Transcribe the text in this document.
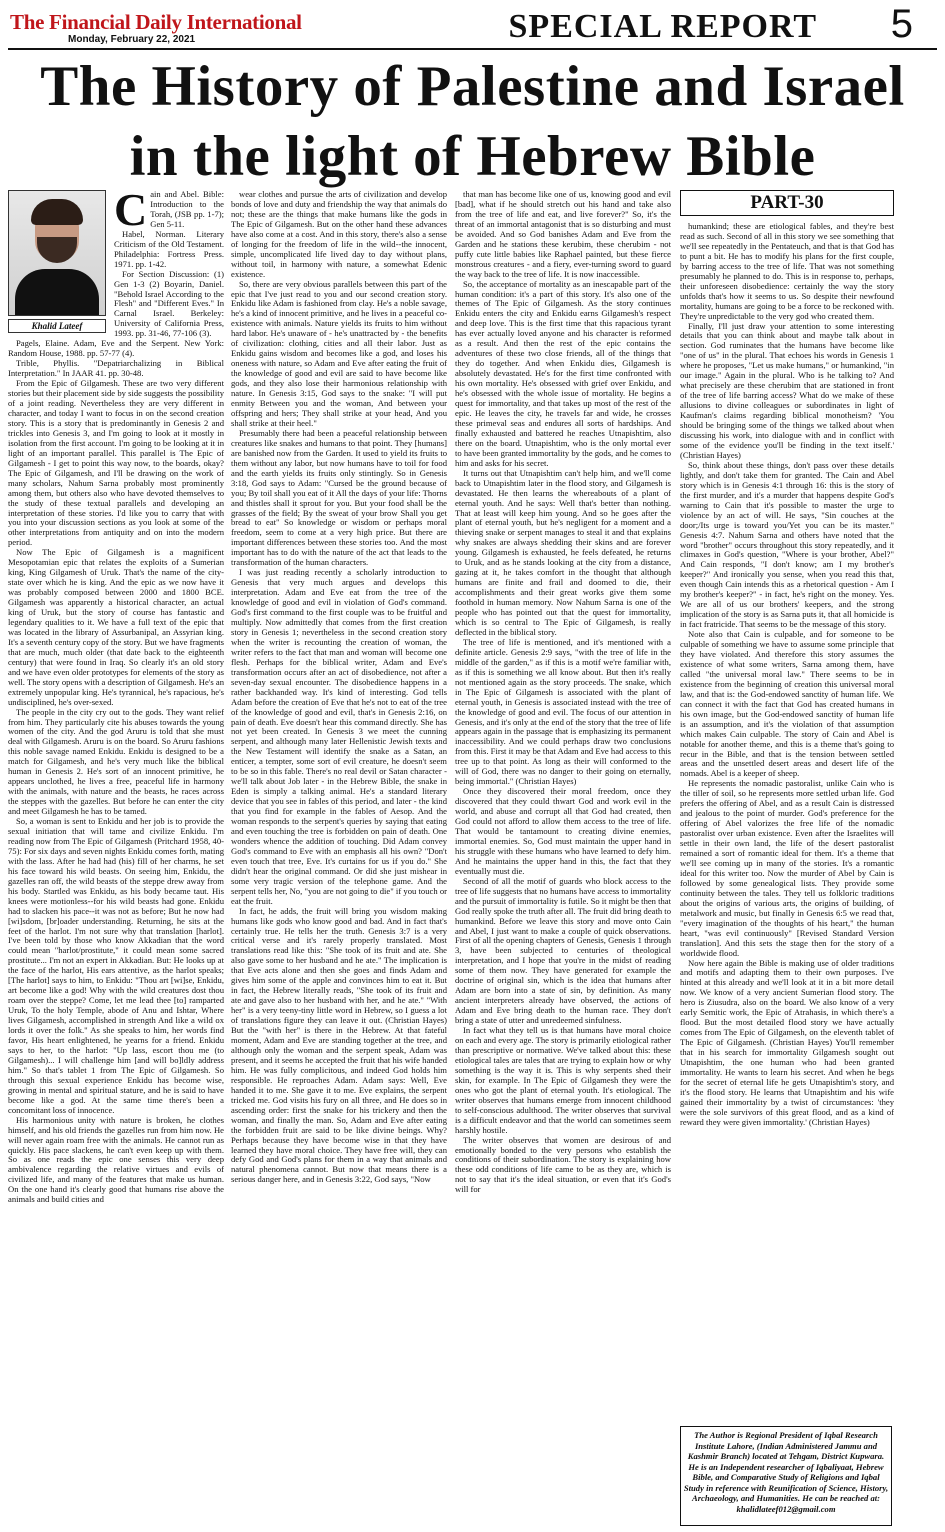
The Financial Daily International
Monday, February 22, 2021	SPECIAL REPORT 5
The History of Palestine and Israel
in the light of Hebrew Bible
Khalid Lateef
C ain and Abel. Bible: Introduction to the Torah, (JSB pp. 1-7); Gen 5-11.

Habel, Norman. Literary Criticism of the Old Testament. Philadelphia: Fortress Press. 1971. pp. 1-42.

For Section Discussion: (1) Gen 1-3 (2) Boyarin, Daniel. "Behold Israel According to the Flesh" and "Different Eves." In Carnal Israel. Berkeley: University of California Press, 1993. pp. 31-46, 77-106 (3).

Pagels, Elaine. Adam, Eve and the Serpent. New York: Random House, 1988. pp. 57-77 (4).

Trible, Phyllis. "Depatriarchalizing in Biblical Interpretation." In JAAR 41. pp. 30-48.

From the Epic of Gilgamesh. These are two very different stories but their placement side by side suggests the possibility of a joint reading. Nevertheless they are very different in character, and today I want to focus in on the second creation story. This is a story that is predominantly in Genesis 2 and trickles into Genesis 3, and I'm going to look at it mostly in isolation from the first account. I'm going to be looking at it in light of an important parallel. This parallel is The Epic of Gilgamesh - I get to point this way now, to the boards, okay? The Epic of Gilgamesh, and I'll be drawing on the work of many scholars, Nahum Sarna probably most prominently among them, but others also who have devoted themselves to the study of these textual parallels and developing an interpretation of these stories. I'd like you to carry that with you into your discussion sections as you look at some of the other interpretations from antiquity and on into the modern period.

Now The Epic of Gilgamesh is a magnificent Mesopotamian epic that relates the exploits of a Sumerian king, King Gilgamesh of Uruk. That's the name of the city-state over which he is king. And the epic as we now have it was probably composed between 2000 and 1800 BCE. Gilgamesh was apparently a historical character, an actual king of Uruk, but the story of course has fantastic and legendary qualities to it. We have a full text of the epic that was located in the library of Assurbanipal, an Assyrian king. It's a seventh century copy of the story. But we have fragments that are much, much older (that date back to the eighteenth century) that were found in Iraq. So clearly it's an old story and we have even older prototypes for elements of the story as well. The story opens with a description of Gilgamesh. He's an extremely unpopular king. He's tyrannical, he's rapacious, he's undisciplined, he's over-sexed.

The people in the city cry out to the gods. They want relief from him. They particularly cite his abuses towards the young women of the city. And the god Aruru is told that she must deal with Gilgamesh. Aruru is on the board. So Aruru fashions this noble savage named Enkidu. Enkidu is designed to be a match for Gilgamesh, and he's very much like the biblical human in Genesis 2. He's sort of an innocent primitive, he appears unclothed, he lives a free, peaceful life in harmony with the animals, with nature and the beasts, he races across the steppes with the gazelles. But before he can enter the city and meet Gilgamesh he has to be tamed.

So, a woman is sent to Enkidu and her job is to provide the sexual initiation that will tame and civilize Enkidu. I'm reading now from The Epic of Gilgamesh (Pritchard 1958, 40-75): For six days and seven nights Enkidu comes forth, mating with the lass. After he had had (his) fill of her charms, he set his face toward his wild beasts. On seeing him, Enkidu, the gazelles ran off, the wild beasts of the steppe drew away from his body. Startled was Enkidu, as his body became taut. His knees were motionless--for his wild beasts had gone. Enkidu had to slacken his pace--it was not as before; But he now had [wi]sdom, [br]oader understanding. Returning, he sits at the feet of the harlot. I'm not sure why that translation [harlot]. I've been told by those who know Akkadian that the word could mean "harlot/prostitute," it could mean some sacred prostitute... I'm not an expert in Akkadian. But: He looks up at the face of the harlot, His ears attentive, as the harlot speaks; [The harlot] says to him, to Enkidu: "Thou art [wi]se, Enkidu, art become like a god! Why with the wild creatures dost thou roam over the steppe? Come, let me lead thee [to] ramparted Uruk, To the holy Temple, abode of Anu and Ishtar, Where lives Gilgamesh, accomplished in strength And like a wild ox lords it over the folk." As she speaks to him, her words find favor, His heart enlightened, he yearns for a friend. Enkidu says to her, to the harlot: "Up lass, escort thou me (to Gilgamesh)... I will challenge him [and will bo]ldly address him." So that's tablet 1 from The Epic of Gilgamesh. So through this sexual experience Enkidu has become wise, growing in mental and spiritual stature, and he is said to have become like a god. At the same time there's been a concomitant loss of innocence.

His harmonious unity with nature is broken, he clothes himself, and his old friends the gazelles run from him now. He will never again roam free with the animals. He cannot run as quickly. His pace slackens, he can't even keep up with them. So as one reads the epic one senses this very deep ambivalence regarding the relative virtues and evils of civilized life, and many of the features that make us human. On the one hand it's clearly good that humans rise above the animals and build cities and

wear clothes and pursue the arts of civilization and develop bonds of love and duty and friendship the way that animals do not; these are the things that make humans like the gods in The Epic of Gilgamesh. But on the other hand these advances have also come at a cost. And in this story, there's also a sense of longing for the freedom of life in the wild--the innocent, simple, uncomplicated life lived day to day without plans, without toil, in harmony with nature, a somewhat Edenic existence.

So, there are very obvious parallels between this part of the epic that I've just read to you and our second creation story. Enkidu like Adam is fashioned from clay. He's a noble savage, he's a kind of innocent primitive, and he lives in a peaceful co-existence with animals. Nature yields its fruits to him without hard labor. He's unaware of - he's unattracted by - the benefits of civilization: clothing, cities and all their labor. Just as Enkidu gains wisdom and becomes like a god, and loses his oneness with nature, so Adam and Eve after eating the fruit of the knowledge of good and evil are said to have become like gods, and they also lose their harmonious relationship with nature. In Genesis 3:15, God says to the snake: "I will put enmity Between you and the woman, And between your offspring and hers; They shall strike at your head, And you shall strike at their heel."

Presumably there had been a peaceful relationship between creatures like snakes and humans to that point. They [humans] are banished now from the Garden. It used to yield its fruits to them without any labor, but now humans have to toil for food and the earth yields its fruits only stintingly. So in Genesis 3:18, God says to Adam: "Cursed be the ground because of you; By toil shall you eat of it All the days of your life: Thorns and thistles shall it sprout for you. But your food shall be the grasses of the field; By the sweat of your brow Shall you get bread to eat" So knowledge or wisdom or perhaps moral freedom, seem to come at a very high price. But there are important differences between these stories too. And the most important has to do with the nature of the act that leads to the transformation of the human characters.

I was just reading recently a scholarly introduction to Genesis that very much argues and develops this interpretation. Adam and Eve eat from the tree of the knowledge of good and evil in violation of God's command. God's first command to the first couple was to be fruitful and multiply. Now admittedly that comes from the first creation story in Genesis 1; nevertheless in the second creation story when the writer is recounting the creation of woman, the writer refers to the fact that man and woman will become one flesh. Perhaps for the biblical writer, Adam and Eve's transformation occurs after an act of disobedience, not after a seven-day sexual encounter. The disobedience happens in a rather backhanded way. It's kind of interesting. God tells Adam before the creation of Eve that he's not to eat of the tree of the knowledge of good and evil, that's in Genesis 2:16, on pain of death. Eve doesn't hear this command directly. She has not yet been created. In Genesis 3 we meet the cunning serpent, and although many later Hellenistic Jewish texts and the New Testament will identify the snake as a Satan, an enticer, a tempter, some sort of evil creature, he doesn't seem to be so in this fable. There's no real devil or Satan character - we'll talk about Job later - in the Hebrew Bible, the snake in Eden is simply a talking animal. He's a standard literary device that you see in fables of this period, and later - the kind that you find for example in the fables of Aesop. And the woman responds to the serpent's queries by saying that eating and even touching the tree is forbidden on pain of death. One wonders whence the addition of touching. Did Adam convey God's command to Eve with an emphasis all his own? "Don't even touch that tree, Eve. It's curtains for us if you do." She didn't hear the original command. Or did she just mishear in some very tragic version of the telephone game. And the serpent tells her, No, "you are not going to die" if you touch or eat the fruit.

In fact, he adds, the fruit will bring you wisdom making humans like gods who know good and bad. And in fact that's certainly true. He tells her the truth. Genesis 3:7 is a very critical verse and it's rarely properly translated. Most translations read like this: "She took of its fruit and ate. She also gave some to her husband and he ate." The implication is that Eve acts alone and then she goes and finds Adam and gives him some of the apple and convinces him to eat it. But in fact, the Hebrew literally reads, "She took of its fruit and ate and gave also to her husband with her, and he ate." "With her" is a very teeny-tiny little word in Hebrew, so I guess a lot of translations figure they can leave it out. (Christian Hayes) But the "with her" is there in the Hebrew. At that fateful moment, Adam and Eve are standing together at the tree, and although only the woman and the serpent speak, Adam was present, and it seems he accepted the fruit that his wife handed him. He was fully complicitous, and indeed God holds him responsible. He reproaches Adam. Adam says: Well, Eve handed it to me. She gave it to me. Eve explains, the serpent tricked me. God visits his fury on all three, and He does so in ascending order: first the snake for his trickery and then the woman, and finally the man. So, Adam and Eve after eating the forbidden fruit are said to be like divine beings. Why? Perhaps because they have become wise in that they have learned they have moral choice. They have free will, they can defy God and God's plans for them in a way that animals and natural phenomena cannot. But now that means there is a serious danger here, and in Genesis 3:22, God says, "Now

that man has become like one of us, knowing good and evil [bad], what if he should stretch out his hand and take also from the tree of life and eat, and live forever?" So, it's the threat of an immortal antagonist that is so disturbing and must be avoided. And so God banishes Adam and Eve from the Garden and he stations these kerubim, these cherubim - not puffy cute little babies like Raphael painted, but these fierce monstrous creatures - and a fiery, ever-turning sword to guard the way back to the tree of life. It is now inaccessible.

So, the acceptance of mortality as an inescapable part of the human condition: it's a part of this story. It's also one of the themes of The Epic of Gilgamesh. As the story continues Enkidu enters the city and Enkidu earns Gilgamesh's respect and deep love. This is the first time that this rapacious tyrant has ever actually loved anyone and his character is reformed as a result. And then the rest of the epic contains the adventures of these two close friends, all of the things that they do together. And when Enkidu dies, Gilgamesh is absolutely devastated. He's for the first time confronted with his own mortality. He's obsessed with grief over Enkidu, and he's obsessed with the whole issue of mortality. He begins a quest for immortality, and that takes up most of the rest of the epic. He leaves the city, he travels far and wide, he crosses these primeval seas and endures all sorts of hardships. And finally exhausted and battered he reaches Utnapishtim, also there on the board. Utnapishtim, who is the only mortal ever to have been granted immortality by the gods, and he comes to him and asks for his secret.

It turns out that Utnapishtim can't help him, and we'll come back to Utnapishtim later in the flood story, and Gilgamesh is devastated. He then learns the whereabouts of a plant of eternal youth. And he says: Well that's better than nothing. That at least will keep him young. And so he goes after the plant of eternal youth, but he's negligent for a moment and a thieving snake or serpent manages to steal it and that explains why snakes are always shedding their skins and are forever young. Gilgamesh is exhausted, he feels defeated, he returns to Uruk, and as he stands looking at the city from a distance, gazing at it, he takes comfort in the thought that although humans are finite and frail and doomed to die, their accomplishments and their great works give them some foothold in human memory. Now Nahum Sarna is one of the people who has pointed out that the quest for immortality, which is so central to The Epic of Gilgamesh, is really deflected in the biblical story.

The tree of life is mentioned, and it's mentioned with a definite article. Genesis 2:9 says, "with the tree of life in the middle of the garden," as if this is a motif we're familiar with, as if this is something we all know about. But then it's really not mentioned again as the story proceeds. The snake, which in The Epic of Gilgamesh is associated with the plant of eternal youth, in Genesis is associated instead with the tree of the knowledge of good and evil. The focus of our attention in Genesis, and it's only at the end of the story that the tree of life appears again in the passage that is emphasizing its permanent inaccessibility. And we could perhaps draw two conclusions from this. First it may be that Adam and Eve had access to this tree up to that point. As long as their will conformed to the will of God, there was no danger to their going on eternally, being immortal." (Christian Hayes)

Once they discovered their moral freedom, once they discovered that they could thwart God and work evil in the world, and abuse and corrupt all that God had created, then God could not afford to allow them access to the tree of life. That would be tantamount to creating divine enemies, immortal enemies. So, God must maintain the upper hand in his struggle with these humans who have learned to defy him. And he maintains the upper hand in this, the fact that they eventually must die.

Second of all the motif of guards who block access to the tree of life suggests that no humans have access to immortality and the pursuit of immortality is futile. So it might be then that God really spoke the truth after all. The fruit did bring death to humankind. Before we leave this story and move onto Cain and Abel, I just want to make a couple of quick observations. First of all the opening chapters of Genesis, Genesis 1 through 3, have been subjected to centuries of theological interpretation, and I hope that you're in the midst of reading some of them now. They have generated for example the doctrine of original sin, which is the idea that humans after Adam are born into a state of sin, by definition. As many ancient interpreters already have observed, the actions of Adam and Eve bring death to the human race. They don't bring a state of utter and unredeemed sinfulness.

In fact what they tell us is that humans have moral choice on each and every age. The story is primarily etiological rather than prescriptive or normative. We've talked about this: these etiological tales are tales that are trying to explain how or why something is the way it is. This is why serpents shed their skin, for example. In The Epic of Gilgamesh they were the ones who got the plant of eternal youth. It's etiological. The writer observes that humans emerge from innocent childhood to self-conscious adulthood. The writer observes that survival is a difficult endeavor and that the world can sometimes seem harshly hostile.

The writer observes that women are desirous of and emotionally bonded to the very persons who establish the conditions of their subordination. The story is explaining how these odd conditions of life came to be as they are, which is not to say that it's the ideal situation, or even that it's God's will for

PART-30

humankind; these are etiological fables, and they're best read as such. Second of all in this story we see something that we'll see repeatedly in the Pentateuch, and that is that God has to punt a bit. He has to modify his plans for the first couple, by barring access to the tree of life. That was not something presumably he planned to do. This is in response to, perhaps, their unforeseen disobedience: certainly the way the story unfolds that's how it seems to us. So despite their newfound mortality, humans are going to be a force to be reckoned with. They're unpredictable to the very god who created them.

Finally, I'll just draw your attention to some interesting details that you can think about and maybe talk about in section. God ruminates that the humans have become like "one of us" in the plural. That echoes his words in Genesis 1 where he proposes, "Let us make humans," or humankind, "in our image." Again in the plural. Who is he talking to? And what precisely are these cherubim that are stationed in front of the tree of life barring access? What do we make of these allusions to divine colleagues or subordinates in light of Kaufman's claims regarding biblical monotheism? 'You should be bringing some of the things we talked about when discussing his work, into dialogue with and in conflict with some of the evidence you'll be finding in the text itself.' (Christian Hayes)

So, think about these things, don't pass over these details lightly, and don't take them for granted. The Cain and Abel story which is in Genesis 4:1 through 16: this is the story of the first murder, and it's a murder that happens despite God's warning to Cain that it's possible to master the urge to violence by an act of will. He says, "Sin couches at the door;/Its urge is toward you/Yet you can be its master." Genesis 4:7. Nahum Sarna and others have noted that the word "brother" occurs throughout this story repeatedly, and it climaxes in God's question, "Where is your brother, Abel?" And Cain responds, "I don't know; am I my brother's keeper?" And ironically you sense, when you read this that, even though Cain intends this as a rhetorical question - Am I my brother's keeper?" - in fact, he's right on the money. Yes. We are all of us our brothers' keepers, and the strong implication of the story is as Sarna puts it, that all homicide is in fact fratricide. That seems to be the message of this story.

Note also that Cain is culpable, and for someone to be culpable of something we have to assume some principle that they have violated. And therefore this story assumes the existence of what some writers, Sarna among them, have called "the universal moral law." There seems to be in existence from the beginning of creation this universal moral law, and that is: the God-endowed sanctity of human life. We can connect it with the fact that God has created humans in his own image, but the God-endowed sanctity of human life is an assumption, and it's the violation of that assumption which makes Cain culpable. The story of Cain and Abel is notable for another theme, and this is a theme that's going to recur in the Bible, and that is the tension between settled areas and the unsettled desert areas and desert life of the nomads. Abel is a keeper of sheep.

He represents the nomadic pastoralist, unlike Cain who is the tiller of soil, so he represents more settled urban life. God prefers the offering of Abel, and as a result Cain is distressed and jealous to the point of murder. God's preference for the offering of Abel valorizes the free life of the nomadic pastoralist over urban existence. Even after the Israelites will settle in their own land, the life of the desert pastoralist remained a sort of romantic ideal for them. It's a theme that we'll see coming up in many of the stories. It's a romantic ideal for this writer too. Now the murder of Abel by Cain is followed by some genealogical lists. They provide some continuity between the tales. They tell us folkloric traditions about the origins of various arts, the origins of building, of metalwork and music, but finally in Genesis 6:5 we read that, "every imagination of the thoughts of his heart," the human heart, "was evil continuously" [Revised Standard Version translation]. And this sets the stage then for the story of a worldwide flood.

Now here again the Bible is making use of older traditions and motifs and adapting them to their own purposes. I've hinted at this already and we'll look at it in a bit more detail now. We know of a very ancient Sumerian flood story. The hero is Ziusudra, also on the board. We also know of a very early Semitic work, the Epic of Atrahasis, in which there's a flood. But the most detailed flood story we have actually comes from The Epic of Gilgamesh, on the eleventh tablet of The Epic of Gilgamesh. (Christian Hayes) You'll remember that in his search for immortality Gilgamesh sought out Utnapishtim, the one human who had been granted immortality. He wants to learn his secret. And when he begs for the secret of eternal life he gets Utnapishtim's story, and it's the flood story. He learns that Utnapishtim and his wife gained their immortality by a twist of circumstances: 'they were the sole survivors of this great flood, and as a kind of reward they were given immortality.' (Christian Hayes)

The Author is Regional President of Iqbal Research Institute Lahore, (Indian Administered Jammu and Kashmir Branch) located at Tehgam, District Kupwara. He is an Independent researcher of Iqbaliyaat, Hebrew Bible, and Comparative Study of Religions and Iqbal Study in reference with Reunification of Science, History, Archaeology, and Humanities. He can be reached at: khalidlateef012@gmail.com
